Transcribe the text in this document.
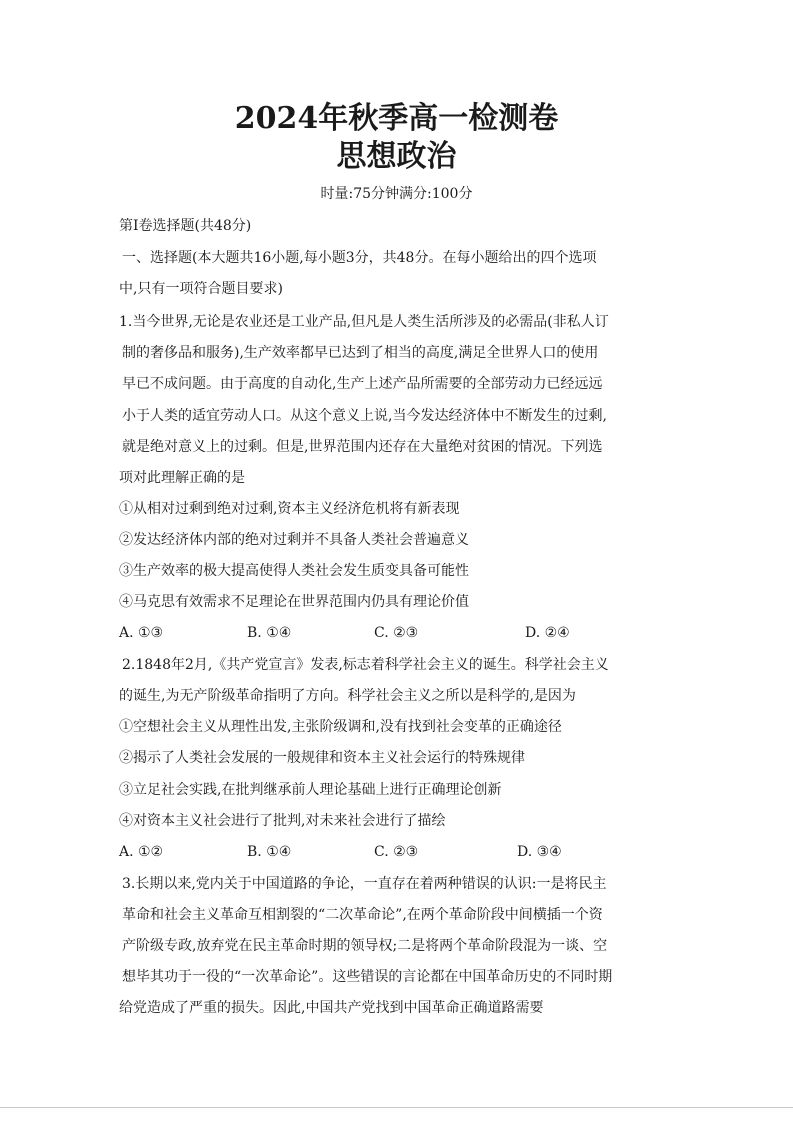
2024年秋季高一检测卷
思想政治
时量:75分钟满分:100分

第Ⅰ卷选择题(共48分)

一、选择题(本大题共16小题,每小题3分，共48分。在每小题给出的四个选项

中,只有一项符合题目要求)

1.当今世界,无论是农业还是工业产品,但凡是人类生活所涉及的必需品(非私人订

制的奢侈品和服务),生产效率都早已达到了相当的高度,满足全世界人口的使用

早已不成问题。由于高度的自动化,生产上述产品所需要的全部劳动力已经远远

小于人类的适宜劳动人口。从这个意义上说,当今发达经济体中不断发生的过剩,

就是绝对意义上的过剩。但是,世界范围内还存在大量绝对贫困的情况。下列选

项对此理解正确的是

①从相对过剩到绝对过剩,资本主义经济危机将有新表现

②发达经济体内部的绝对过剩并不具备人类社会普遍意义

③生产效率的极大提高使得人类社会发生质变具备可能性

④马克思有效需求不足理论在世界范围内仍具有理论价值

A. ①③	B. ①④	C. ②③	D. ②④

2.1848年2月,《共产党宣言》发表,标志着科学社会主义的诞生。科学社会主义

的诞生,为无产阶级革命指明了方向。科学社会主义之所以是科学的,是因为

①空想社会主义从理性出发,主张阶级调和,没有找到社会变革的正确途径

②揭示了人类社会发展的一般规律和资本主义社会运行的特殊规律

③立足社会实践,在批判继承前人理论基础上进行正确理论创新

④对资本主义社会进行了批判,对未来社会进行了描绘

A. ①②	B. ①④	C. ②③	D. ③④

3.长期以来,党内关于中国道路的争论，一直存在着两种错误的认识:一是将民主

革命和社会主义革命互相割裂的“二次革命论”,在两个革命阶段中间横插一个资

产阶级专政,放弃党在民主革命时期的领导权;二是将两个革命阶段混为一谈、空

想毕其功于一役的“一次革命论”。这些错误的言论都在中国革命历史的不同时期

给党造成了严重的损失。因此,中国共产党找到中国革命正确道路需要
